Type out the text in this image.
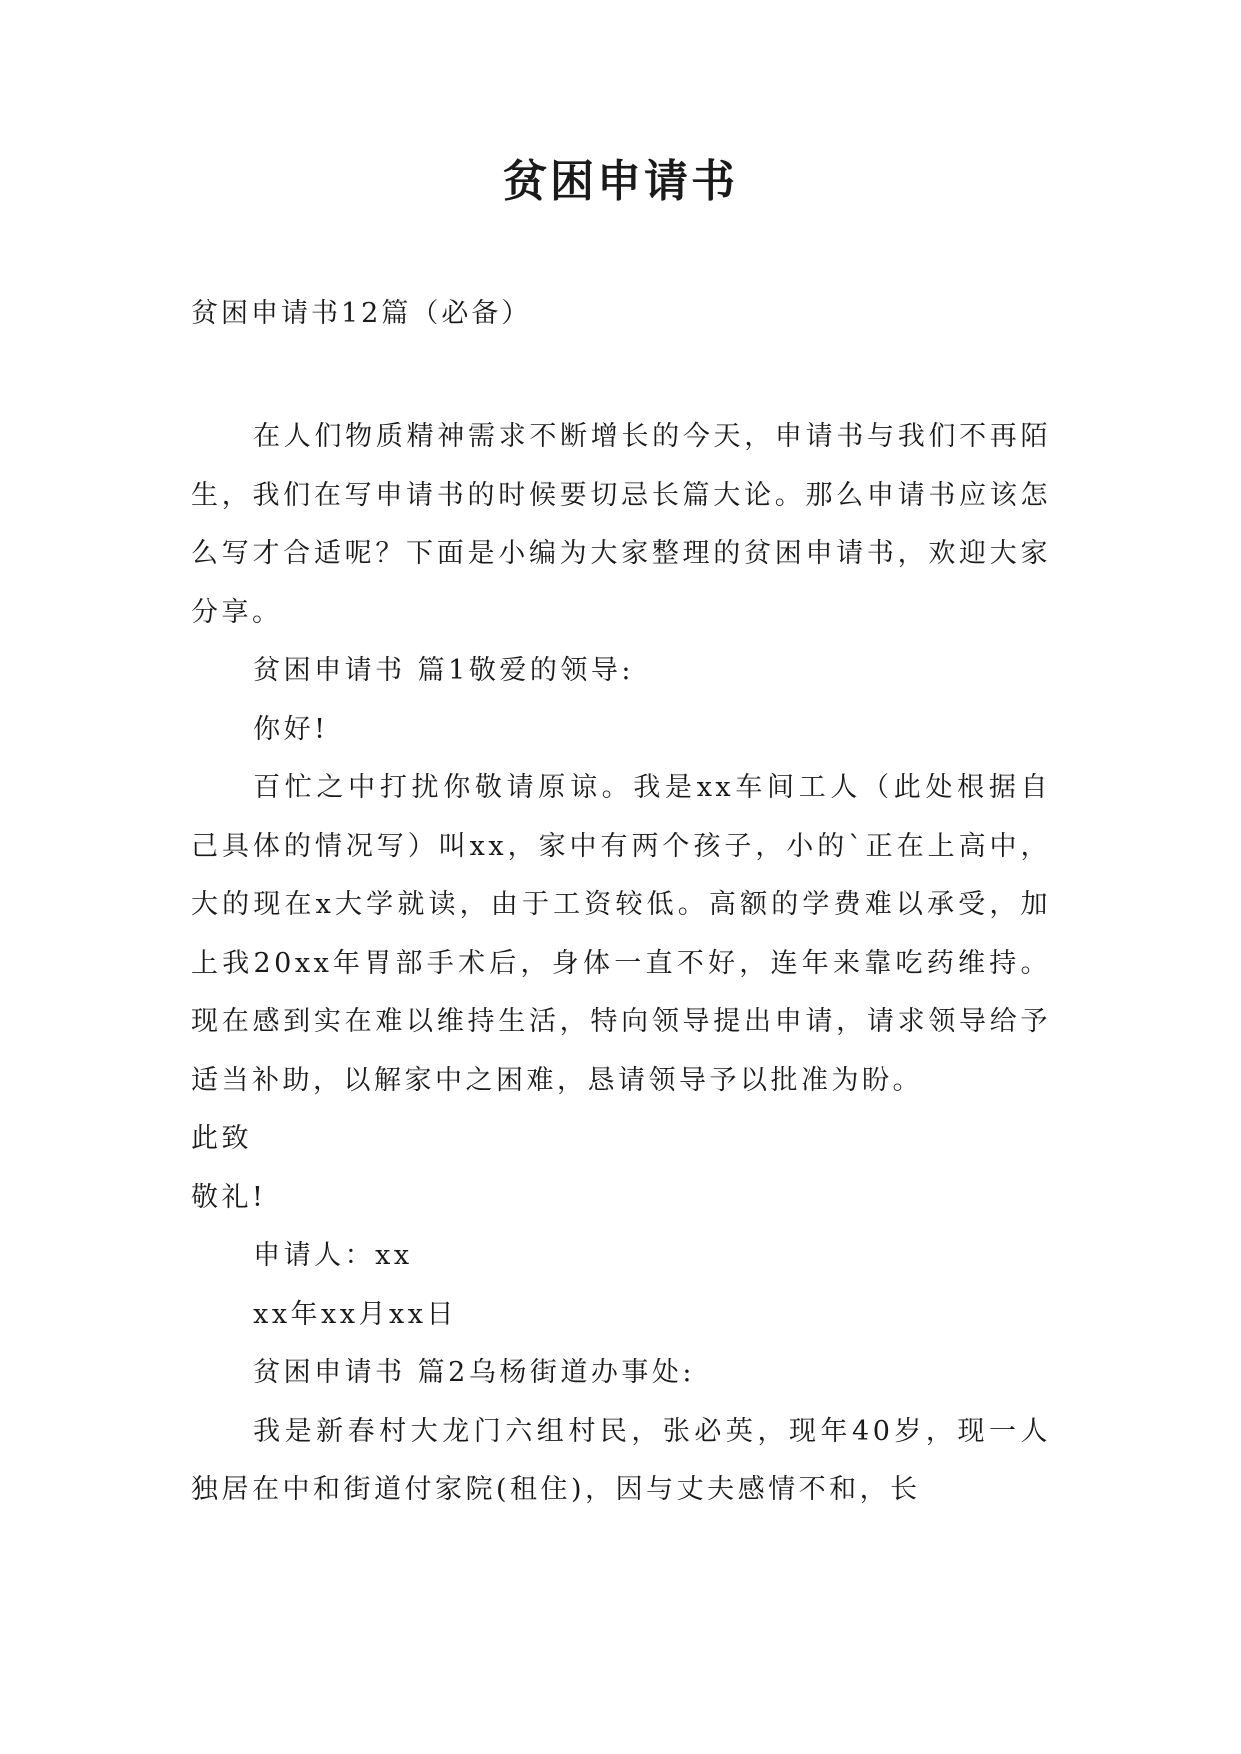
贫困申请书
贫困申请书12篇（必备）

在人们物质精神需求不断增长的今天，申请书与我们不再陌生，我们在写申请书的时候要切忌长篇大论。那么申请书应该怎么写才合适呢？下面是小编为大家整理的贫困申请书，欢迎大家分享。

贫困申请书 篇1敬爱的领导:

你好!

百忙之中打扰你敬请原谅。我是xx车间工人（此处根据自己具体的情况写）叫xx，家中有两个孩子，小的`正在上高中，大的现在x大学就读，由于工资较低。高额的学费难以承受，加上我20xx年胃部手术后，身体一直不好，连年来靠吃药维持。现在感到实在难以维持生活，特向领导提出申请，请求领导给予适当补助，以解家中之困难，恳请领导予以批准为盼。

此致

敬礼!

申请人：xx

xx年xx月xx日

贫困申请书 篇2乌杨街道办事处:

我是新春村大龙门六组村民，张必英，现年40岁，现一人独居在中和街道付家院(租住)，因与丈夫感情不和，长
